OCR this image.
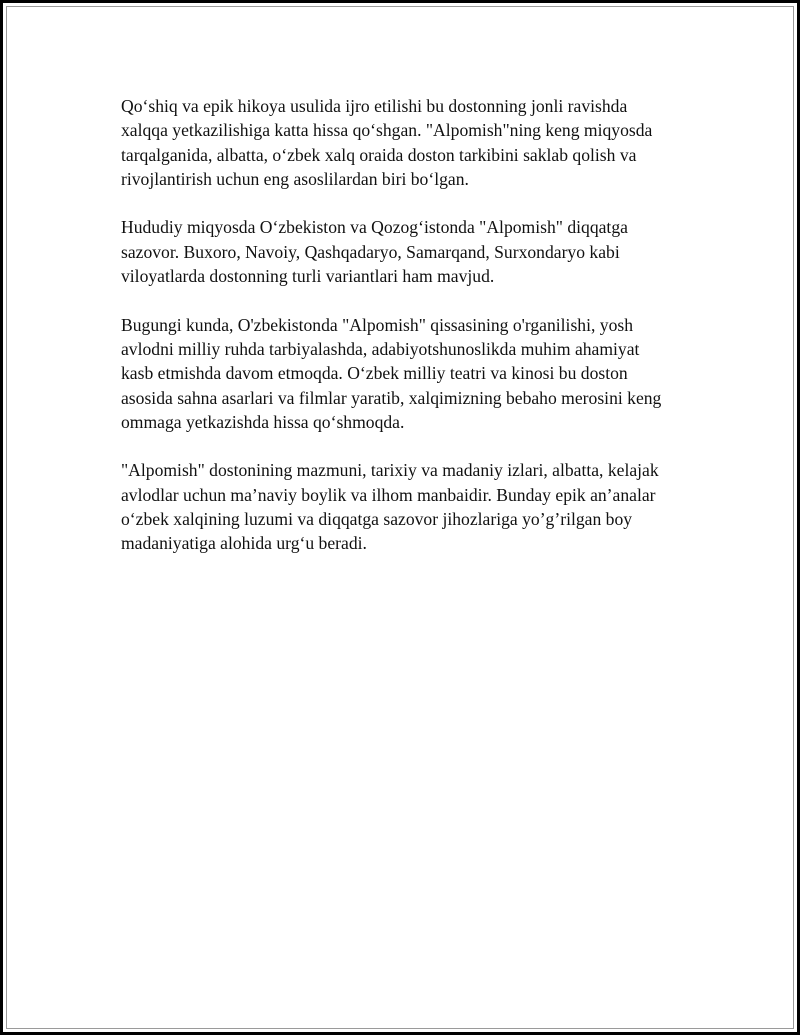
Qo‘shiq va epik hikoya usulida ijro etilishi bu dostonning jonli ravishda
xalqqa yetkazilishiga katta hissa qo‘shgan. "Alpomish"ning keng miqyosda
tarqalganida, albatta, o‘zbek xalq oraida doston tarkibini saklab qolish va
rivojlantirish uchun eng asoslilardan biri bo‘lgan.

Hududiy miqyosda O‘zbekiston va Qozog‘istonda "Alpomish" diqqatga
sazovor. Buxoro, Navoiy, Qashqadaryo, Samarqand, Surxondaryo kabi
viloyatlarda dostonning turli variantlari ham mavjud.

Bugungi kunda, O'zbekistonda "Alpomish" qissasining o'rganilishi, yosh
avlodni milliy ruhda tarbiyalashda, adabiyotshunoslikda muhim ahamiyat
kasb etmishda davom etmoqda. O‘zbek milliy teatri va kinosi bu doston
asosida sahna asarlari va filmlar yaratib, xalqimizning bebaho merosini keng
ommaga yetkazishda hissa qo‘shmoqda.

"Alpomish" dostonining mazmuni, tarixiy va madaniy izlari, albatta, kelajak
avlodlar uchun ma’naviy boylik va ilhom manbaidir. Bunday epik an’analar
o‘zbek xalqining luzumi va diqqatga sazovor jihozlariga yo’g’rilgan boy
madaniyatiga alohida urg‘u beradi.
